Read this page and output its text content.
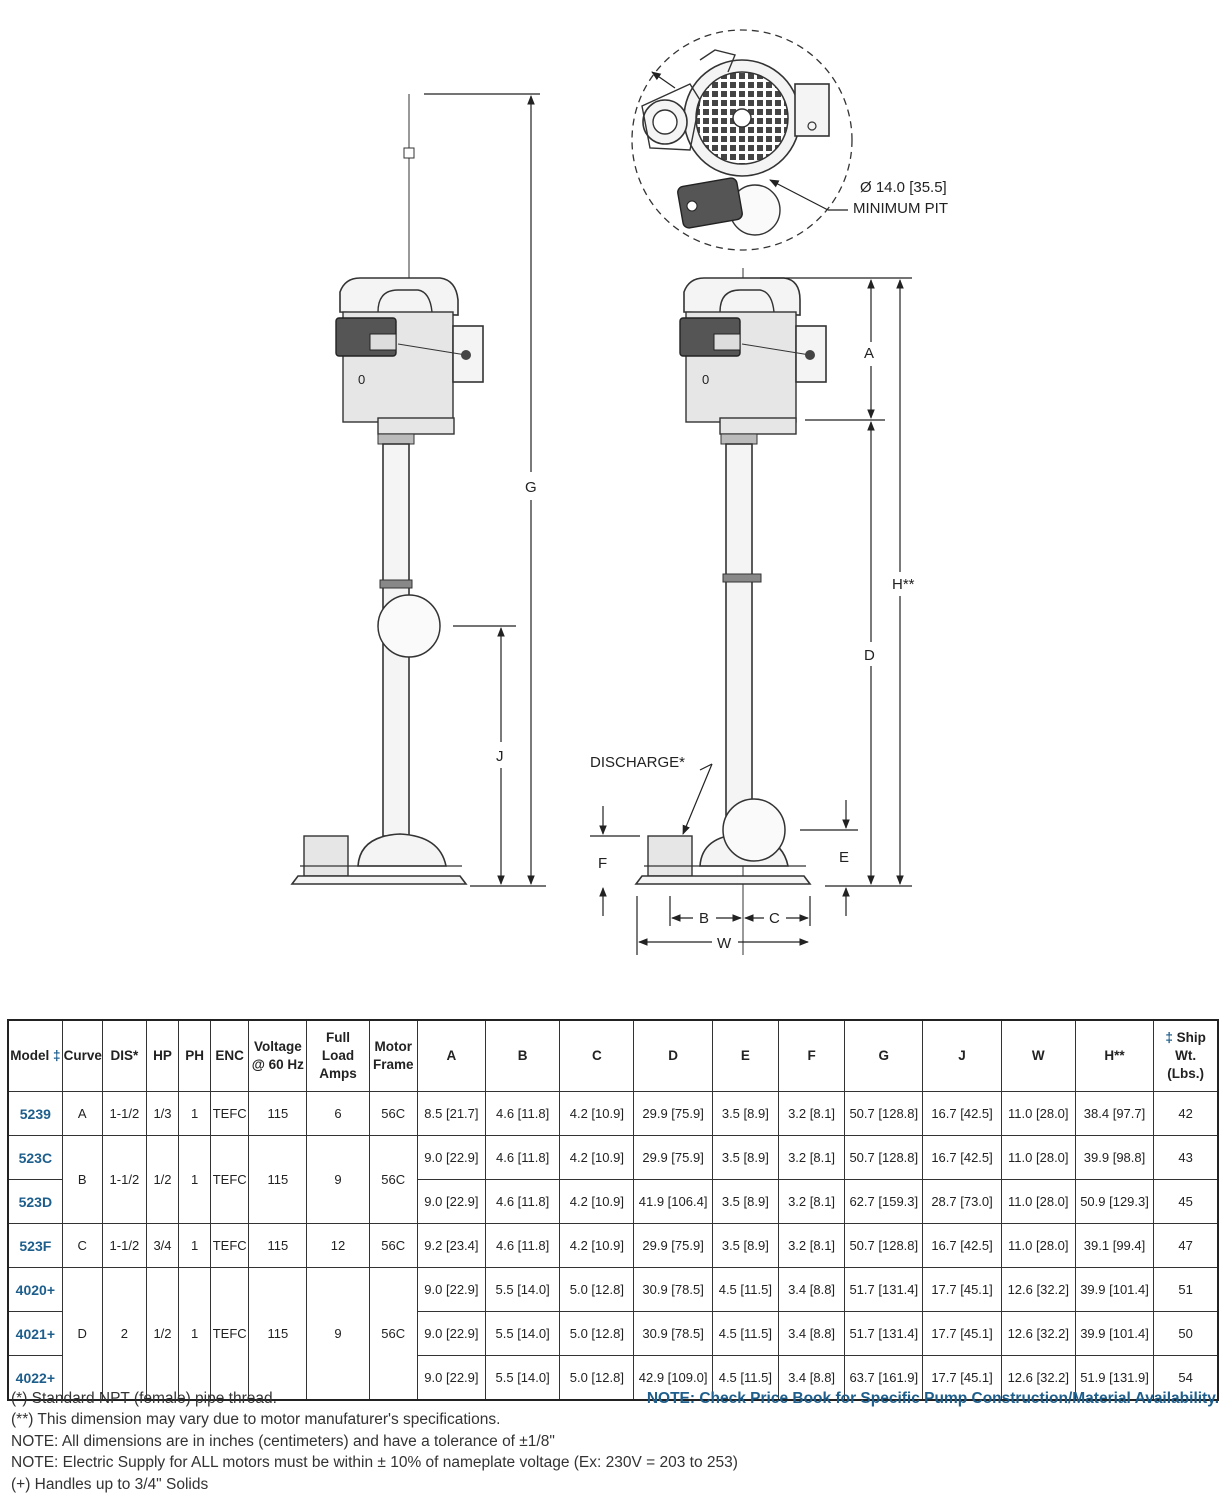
Ø 14.0 [35.5]
MINIMUM PIT
0
G
J
0
DISCHARGE*
A
D
H**
E
F
B	C
W
Model ‡	Curve	DIS*	HP	PH	ENC	Voltage
@ 60 Hz	Full Load
Amps	Motor
Frame	A	B	C	D	E	F	G	J	W	H**	‡ Ship Wt.
(Lbs.)
5239	A	1-1/2	1/3	1	TEFC	115	6	56C	8.5 [21.7]	4.6 [11.8]	4.2 [10.9]	29.9 [75.9]	3.5 [8.9]	3.2 [8.1]	50.7 [128.8]	16.7 [42.5]	11.0 [28.0]	38.4 [97.7]	42
523C	B	1-1/2	1/2	1	TEFC	115	9	56C	9.0 [22.9]	4.6 [11.8]	4.2 [10.9]	29.9 [75.9]	3.5 [8.9]	3.2 [8.1]	50.7 [128.8]	16.7 [42.5]	11.0 [28.0]	39.9 [98.8]	43
523D									9.0 [22.9]	4.6 [11.8]	4.2 [10.9]	41.9 [106.4]	3.5 [8.9]	3.2 [8.1]	62.7 [159.3]	28.7 [73.0]	11.0 [28.0]	50.9 [129.3]	45
523F	C	1-1/2	3/4	1	TEFC	115	12	56C	9.2 [23.4]	4.6 [11.8]	4.2 [10.9]	29.9 [75.9]	3.5 [8.9]	3.2 [8.1]	50.7 [128.8]	16.7 [42.5]	11.0 [28.0]	39.1 [99.4]	47
4020+	D	2	1/2	1	TEFC	115	9	56C	9.0 [22.9]	5.5 [14.0]	5.0 [12.8]	30.9 [78.5]	4.5 [11.5]	3.4 [8.8]	51.7 [131.4]	17.7 [45.1]	12.6 [32.2]	39.9 [101.4]	51
4021+									9.0 [22.9]	5.5 [14.0]	5.0 [12.8]	30.9 [78.5]	4.5 [11.5]	3.4 [8.8]	51.7 [131.4]	17.7 [45.1]	12.6 [32.2]	39.9 [101.4]	50
4022+									9.0 [22.9]	5.5 [14.0]	5.0 [12.8]	42.9 [109.0]	4.5 [11.5]	3.4 [8.8]	63.7 [161.9]	17.7 [45.1]	12.6 [32.2]	51.9 [131.9]	54
(*) Standard NPT (female) pipe thread.
(**) This dimension may vary due to motor manufaturer's specifications.
NOTE: All dimensions are in inches (centimeters) and have a tolerance of ±1/8"
NOTE: Electric Supply for ALL motors must be within ± 10% of nameplate voltage (Ex: 230V = 203 to 253)
(+) Handles up to 3/4" Solids
NOTE: Check Price Book for Specific Pump Construction/Material Availability.
